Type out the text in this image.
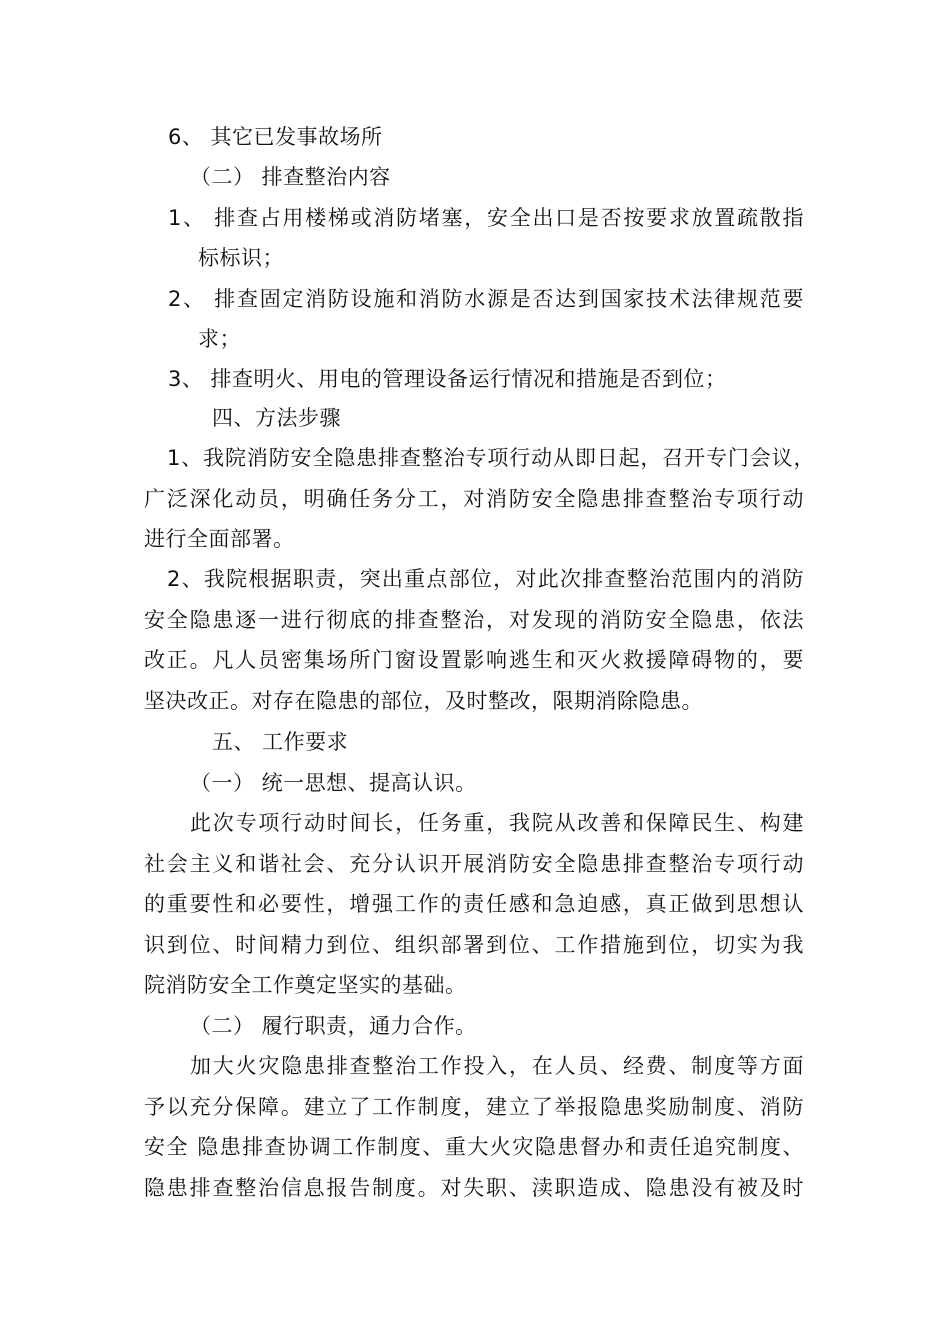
6、 其它已发事故场所

（二） 排查整治内容

1、 排查占用楼梯或消防堵塞，安全出口是否按要求放置疏散指

标标识；

2、 排查固定消防设施和消防水源是否达到国家技术法律规范要

求；

3、 排查明火、用电的管理设备运行情况和措施是否到位；

四、方法步骤

1、我院消防安全隐患排查整治专项行动从即日起，召开专门会议，

广泛深化动员，明确任务分工，对消防安全隐患排查整治专项行动

进行全面部署。

2、我院根据职责，突出重点部位，对此次排查整治范围内的消防

安全隐患逐一进行彻底的排查整治，对发现的消防安全隐患，依法

改正。凡人员密集场所门窗设置影响逃生和灭火救援障碍物的，要

坚决改正。对存在隐患的部位，及时整改，限期消除隐患。

五、 工作要求

（一） 统一思想、提高认识。

此次专项行动时间长，任务重，我院从改善和保障民生、构建

社会主义和谐社会、充分认识开展消防安全隐患排查整治专项行动

的重要性和必要性，增强工作的责任感和急迫感，真正做到思想认

识到位、时间精力到位、组织部署到位、工作措施到位，切实为我

院消防安全工作奠定坚实的基础。

（二） 履行职责，通力合作。

加大火灾隐患排查整治工作投入，在人员、经费、制度等方面

予以充分保障。建立了工作制度，建立了举报隐患奖励制度、消防

安全 隐患排查协调工作制度、重大火灾隐患督办和责任追究制度、

隐患排查整治信息报告制度。对失职、渎职造成、隐患没有被及时
